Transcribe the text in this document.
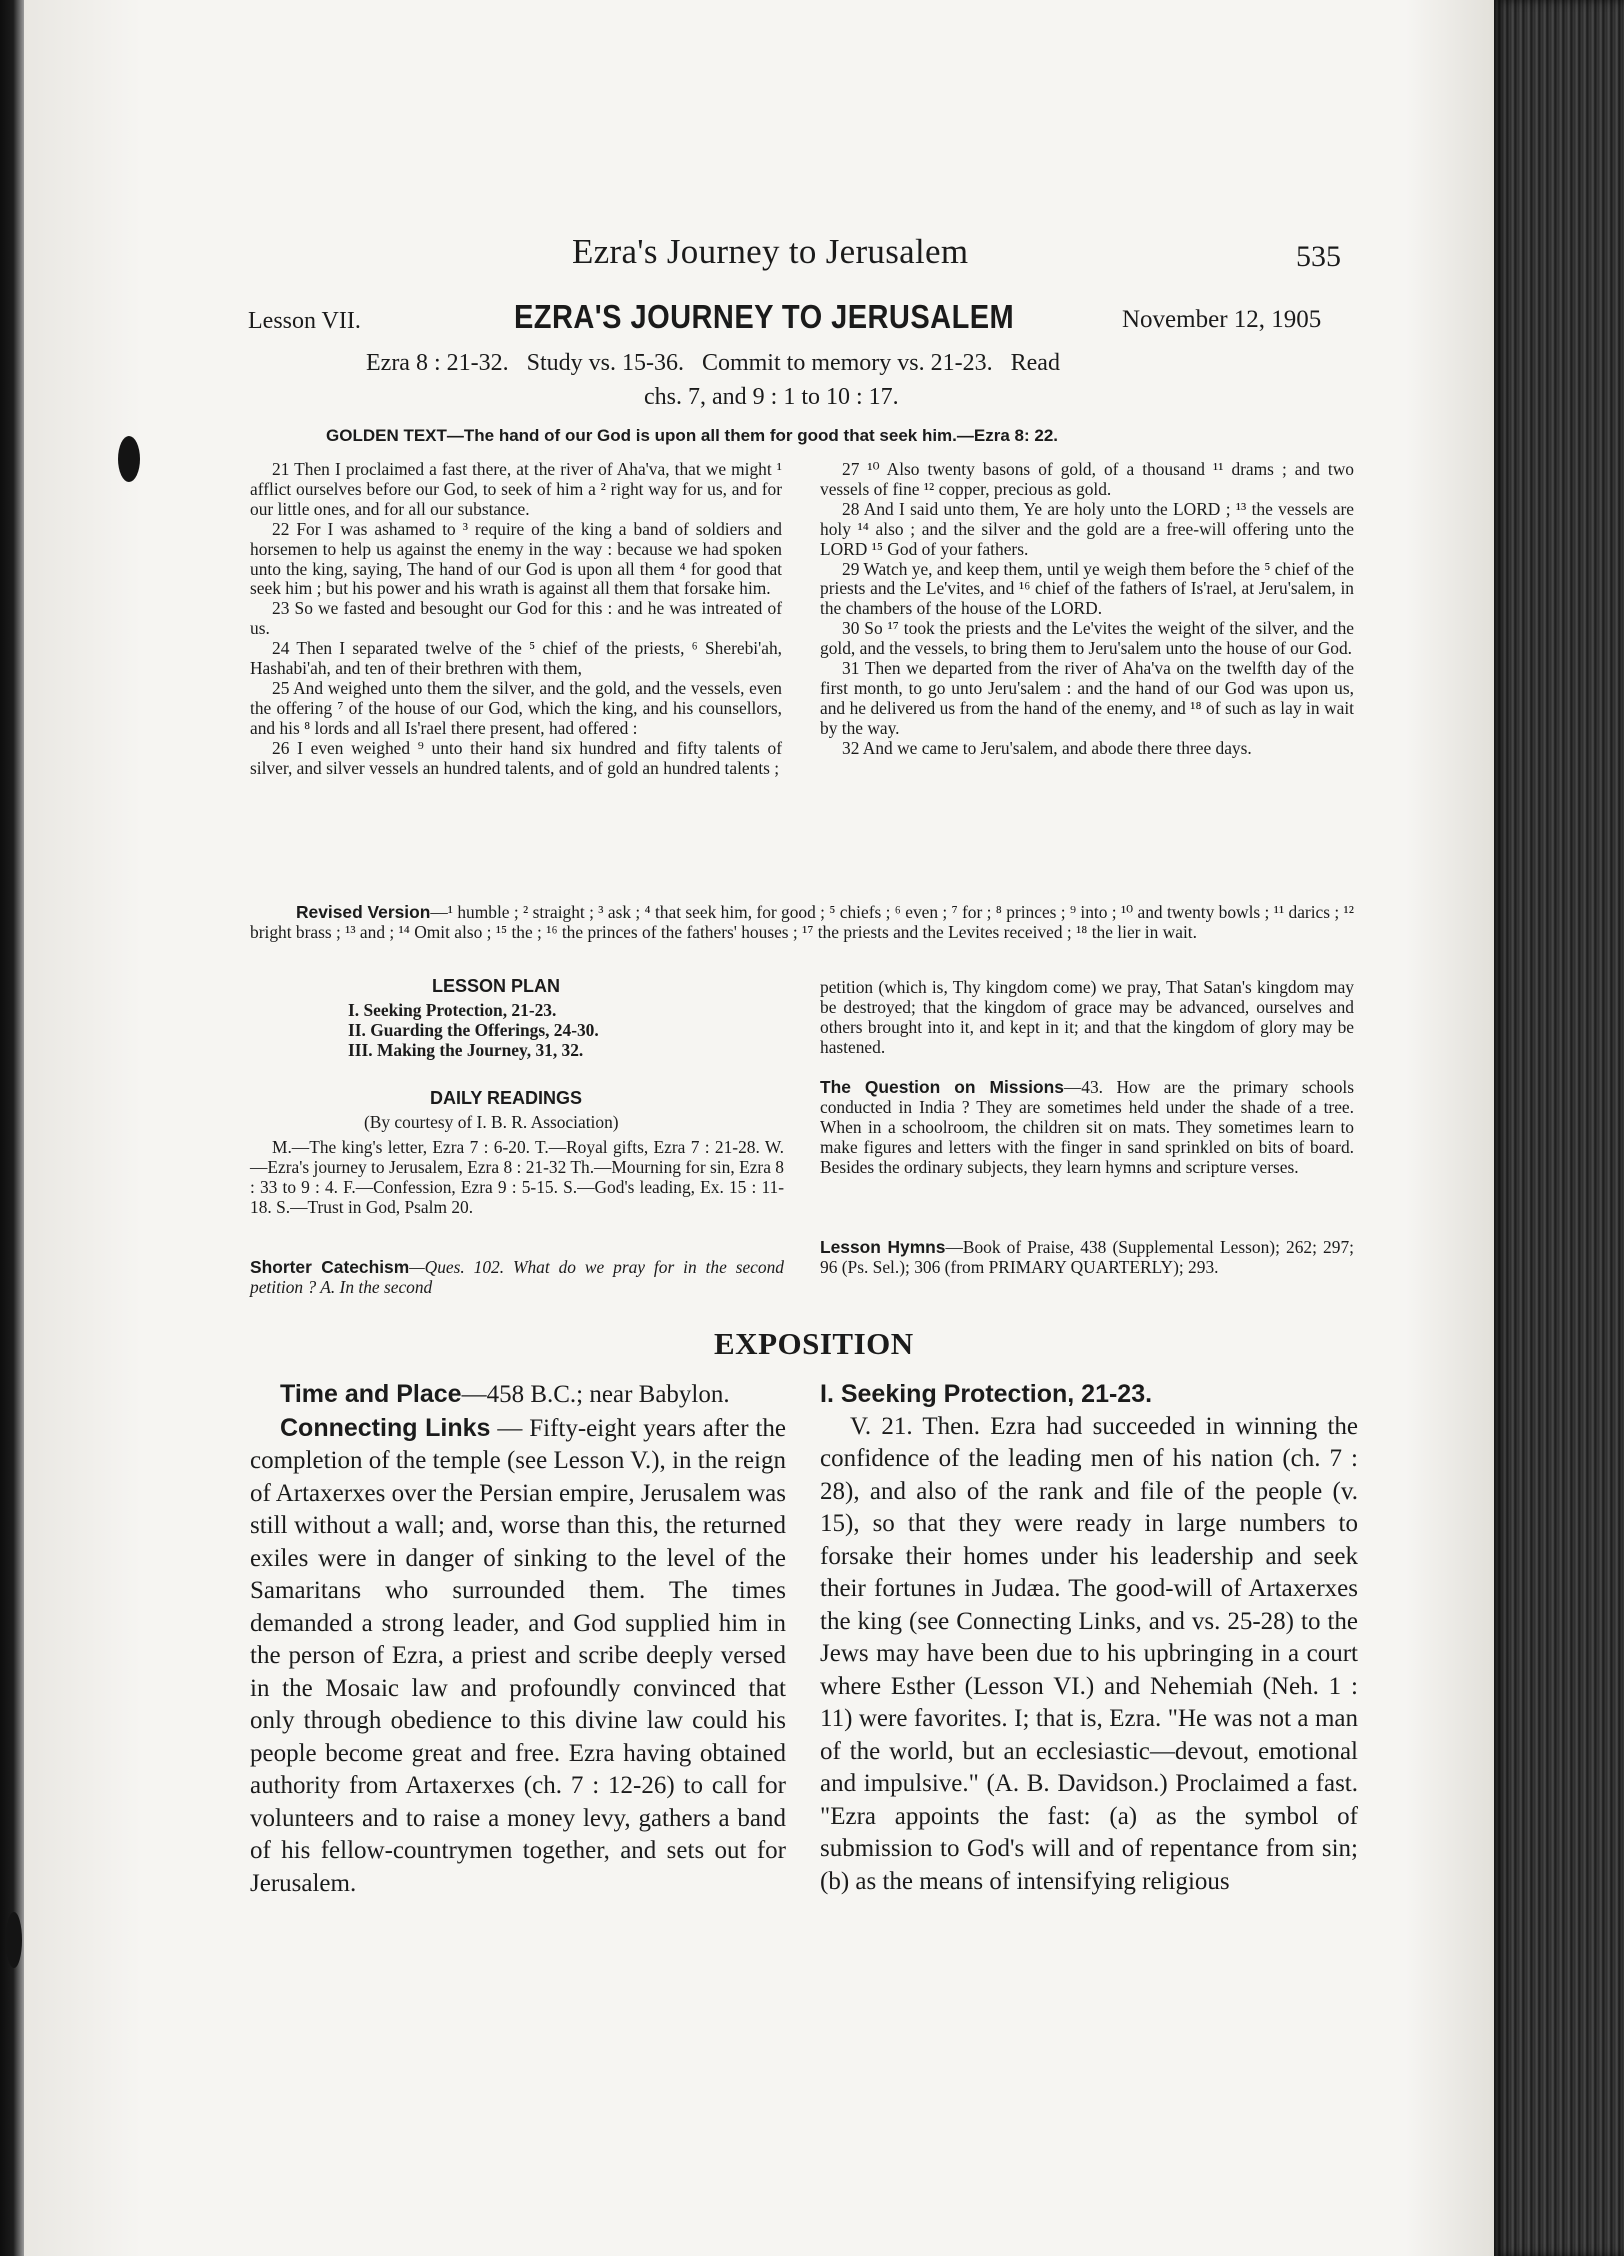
Ezra's Journey to Jerusalem	535
Lesson VII.	EZRA'S JOURNEY TO JERUSALEM	November 12, 1905
Ezra 8 : 21-32.   Study vs. 15-36.   Commit to memory vs. 21-23.   Read
chs. 7, and 9 : 1 to 10 : 17.
GOLDEN TEXT—The hand of our God is upon all them for good that seek him.—Ezra 8: 22.

21 Then I proclaimed a fast there, at the river of Aha'va, that we might ¹ afflict ourselves before our God, to seek of him a ² right way for us, and for our little ones, and for all our substance.

22 For I was ashamed to ³ require of the king a band of soldiers and horsemen to help us against the enemy in the way : because we had spoken unto the king, saying, The hand of our God is upon all them ⁴ for good that seek him ; but his power and his wrath is against all them that forsake him.

23 So we fasted and besought our God for this : and he was intreated of us.

24 Then I separated twelve of the ⁵ chief of the priests, ⁶ Sherebi'ah, Hashabi'ah, and ten of their brethren with them,

25 And weighed unto them the silver, and the gold, and the vessels, even the offering ⁷ of the house of our God, which the king, and his counsellors, and his ⁸ lords and all Is'rael there present, had offered :

26 I even weighed ⁹ unto their hand six hundred and fifty talents of silver, and silver vessels an hundred talents, and of gold an hundred talents ;

27 ¹⁰ Also twenty basons of gold, of a thousand ¹¹ drams ; and two vessels of fine ¹² copper, precious as gold.

28 And I said unto them, Ye are holy unto the LORD ; ¹³ the vessels are holy ¹⁴ also ; and the silver and the gold are a free-will offering unto the LORD ¹⁵ God of your fathers.

29 Watch ye, and keep them, until ye weigh them before the ⁵ chief of the priests and the Le'vites, and ¹⁶ chief of the fathers of Is'rael, at Jeru'salem, in the chambers of the house of the LORD.

30 So ¹⁷ took the priests and the Le'vites the weight of the silver, and the gold, and the vessels, to bring them to Jeru'salem unto the house of our God.

31 Then we departed from the river of Aha'va on the twelfth day of the first month, to go unto Jeru'salem : and the hand of our God was upon us, and he delivered us from the hand of the enemy, and ¹⁸ of such as lay in wait by the way.

32 And we came to Jeru'salem, and abode there three days.

Revised Version—¹ humble ; ² straight ; ³ ask ; ⁴ that seek him, for good ; ⁵ chiefs ; ⁶ even ; ⁷ for ; ⁸ princes ; ⁹ into ; ¹⁰ and twenty bowls ; ¹¹ darics ; ¹² bright brass ; ¹³ and ; ¹⁴ Omit also ; ¹⁵ the ; ¹⁶ the princes of the fathers' houses ; ¹⁷ the priests and the Levites received ; ¹⁸ the lier in wait.
LESSON PLAN
I. Seeking Protection, 21-23.
II. Guarding the Offerings, 24-30.
III. Making the Journey, 31, 32.
DAILY READINGS
(By courtesy of I. B. R. Association)

M.—The king's letter, Ezra 7 : 6-20. T.—Royal gifts, Ezra 7 : 21-28. W.—Ezra's journey to Jerusalem, Ezra 8 : 21-32 Th.—Mourning for sin, Ezra 8 : 33 to 9 : 4. F.—Confession, Ezra 9 : 5-15. S.—God's leading, Ex. 15 : 11-18. S.—Trust in God, Psalm 20.

Shorter Catechism—Ques. 102. What do we pray for in the second petition ? A. In the second

petition (which is, Thy kingdom come) we pray, That Satan's kingdom may be destroyed; that the kingdom of grace may be advanced, ourselves and others brought into it, and kept in it; and that the kingdom of glory may be hastened.

The Question on Missions—43. How are the primary schools conducted in India ? They are sometimes held under the shade of a tree. When in a schoolroom, the children sit on mats. They sometimes learn to make figures and letters with the finger in sand sprinkled on bits of board. Besides the ordinary subjects, they learn hymns and scripture verses.
Lesson Hymns—Book of Praise, 438 (Supplemental Lesson); 262; 297; 96 (Ps. Sel.); 306 (from PRIMARY QUARTERLY); 293.
EXPOSITION

Time and Place—458 B.C.; near Babylon.

Connecting Links — Fifty-eight years after the completion of the temple (see Lesson V.), in the reign of Artaxerxes over the Persian empire, Jerusalem was still without a wall; and, worse than this, the returned exiles were in danger of sinking to the level of the Samaritans who surrounded them. The times demanded a strong leader, and God supplied him in the person of Ezra, a priest and scribe deeply versed in the Mosaic law and profoundly convinced that only through obedience to this divine law could his people become great and free. Ezra having obtained authority from Artaxerxes (ch. 7 : 12-26) to call for volunteers and to raise a money levy, gathers a band of his fellow-countrymen together, and sets out for Jerusalem.

I. Seeking Protection, 21-23.

V. 21. Then. Ezra had succeeded in winning the confidence of the leading men of his nation (ch. 7 : 28), and also of the rank and file of the people (v. 15), so that they were ready in large numbers to forsake their homes under his leadership and seek their fortunes in Judæa. The good-will of Artaxerxes the king (see Connecting Links, and vs. 25-28) to the Jews may have been due to his upbringing in a court where Esther (Lesson VI.) and Nehemiah (Neh. 1 : 11) were favorites. I; that is, Ezra. "He was not a man of the world, but an ecclesiastic—devout, emotional and impulsive." (A. B. Davidson.) Proclaimed a fast. "Ezra appoints the fast: (a) as the symbol of submission to God's will and of repentance from sin; (b) as the means of intensifying religious
